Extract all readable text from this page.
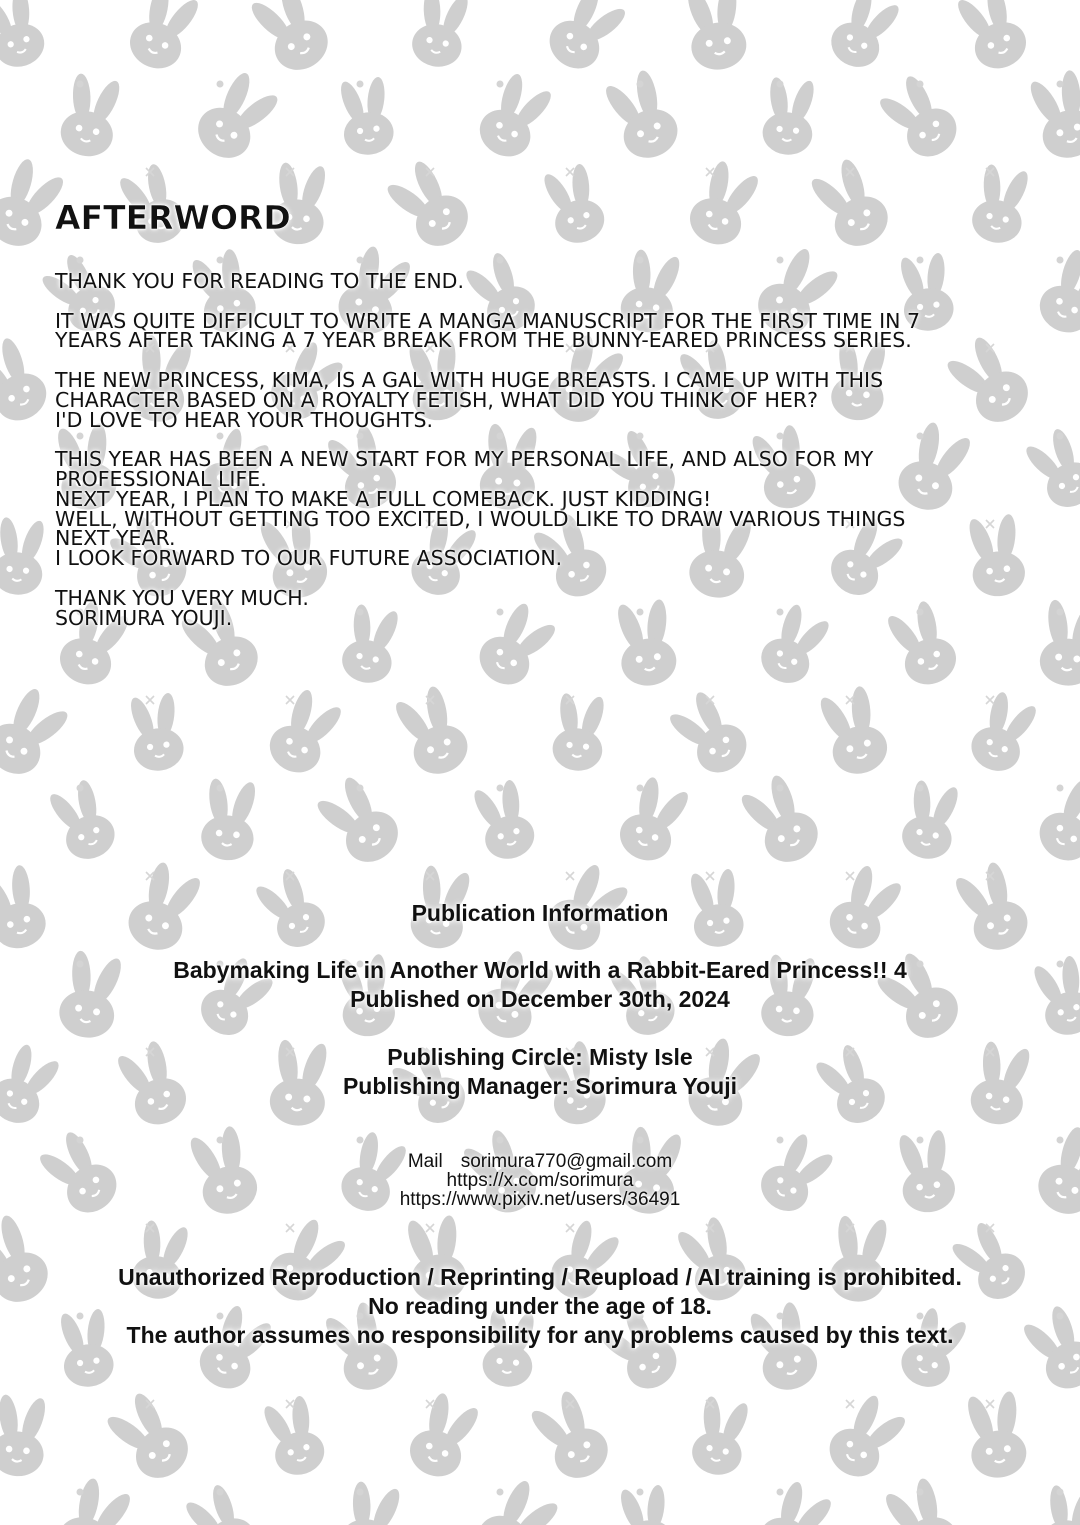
AFTERWORD

THANK YOU FOR READING TO THE END.

IT WAS QUITE DIFFICULT TO WRITE A MANGA MANUSCRIPT FOR THE FIRST TIME IN 7
YEARS AFTER TAKING A 7 YEAR BREAK FROM THE BUNNY-EARED PRINCESS SERIES.

THE NEW PRINCESS, KIMA, IS A GAL WITH HUGE BREASTS. I CAME UP WITH THIS
CHARACTER BASED ON A ROYALTY FETISH, WHAT DID YOU THINK OF HER?
I'D LOVE TO HEAR YOUR THOUGHTS.

THIS YEAR HAS BEEN A NEW START FOR MY PERSONAL LIFE, AND ALSO FOR MY
PROFESSIONAL LIFE.
NEXT YEAR, I PLAN TO MAKE A FULL COMEBACK. JUST KIDDING!
WELL, WITHOUT GETTING TOO EXCITED, I WOULD LIKE TO DRAW VARIOUS THINGS
NEXT YEAR.
I LOOK FORWARD TO OUR FUTURE ASSOCIATION.

THANK YOU VERY MUCH.
SORIMURA YOUJI.

Publication Information
Babymaking Life in Another World with a Rabbit-Eared Princess!! 4
Published on December 30th, 2024
Publishing Circle: Misty Isle
Publishing Manager: Sorimura Youji
Mail sorimura770@gmail.com
https://x.com/sorimura
https://www.pixiv.net/users/36491
Unauthorized Reproduction / Reprinting / Reupload / AI training is prohibited.
No reading under the age of 18.
The author assumes no responsibility for any problems caused by this text.
